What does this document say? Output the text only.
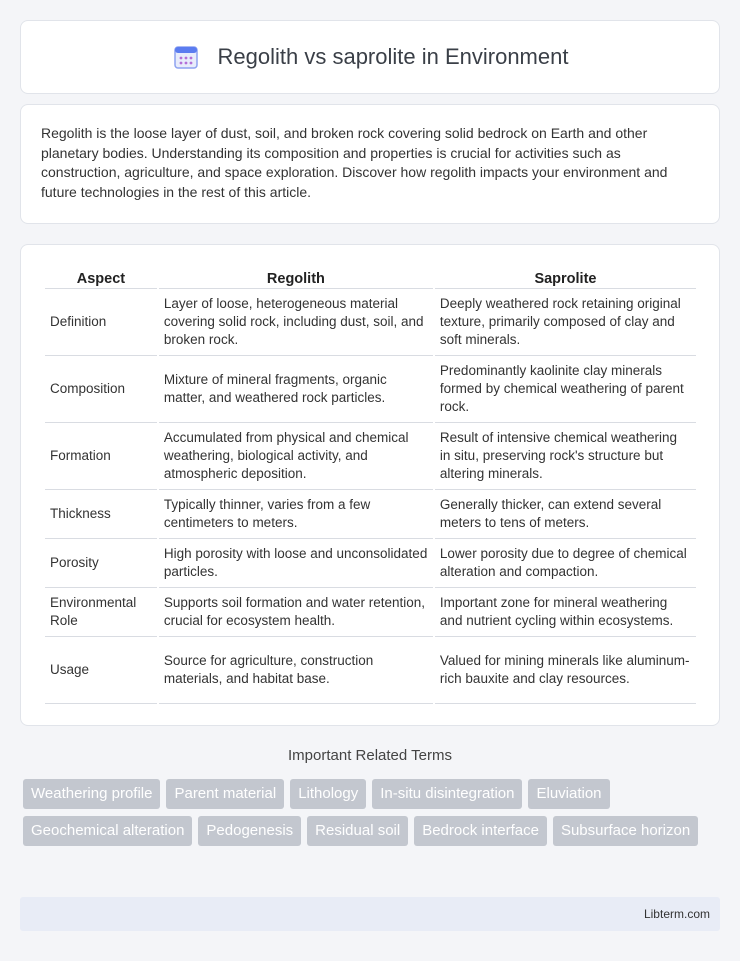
Regolith vs saprolite in Environment

Regolith is the loose layer of dust, soil, and broken rock covering solid bedrock on Earth and other planetary bodies. Understanding its composition and properties is crucial for activities such as construction, agriculture, and space exploration. Discover how regolith impacts your environment and future technologies in the rest of this article.

Aspect	Regolith	Saprolite
Definition	Layer of loose, heterogeneous material covering solid rock, including dust, soil, and broken rock.	Deeply weathered rock retaining original texture, primarily composed of clay and soft minerals.
Composition	Mixture of mineral fragments, organic matter, and weathered rock particles.	Predominantly kaolinite clay minerals formed by chemical weathering of parent rock.
Formation	Accumulated from physical and chemical weathering, biological activity, and atmospheric deposition.	Result of intensive chemical weathering in situ, preserving rock's structure but altering minerals.
Thickness	Typically thinner, varies from a few centimeters to meters.	Generally thicker, can extend several meters to tens of meters.
Porosity	High porosity with loose and unconsolidated particles.	Lower porosity due to degree of chemical alteration and compaction.
Environmental Role	Supports soil formation and water retention, crucial for ecosystem health.	Important zone for mineral weathering and nutrient cycling within ecosystems.
Usage	Source for agriculture, construction materials, and habitat base.	Valued for mining minerals like aluminum-rich bauxite and clay resources.
Important Related Terms
Weathering profile	Parent material	Lithology	In-situ disintegration	Eluviation
Geochemical alteration	Pedogenesis	Residual soil	Bedrock interface	Subsurface horizon
Libterm.com
